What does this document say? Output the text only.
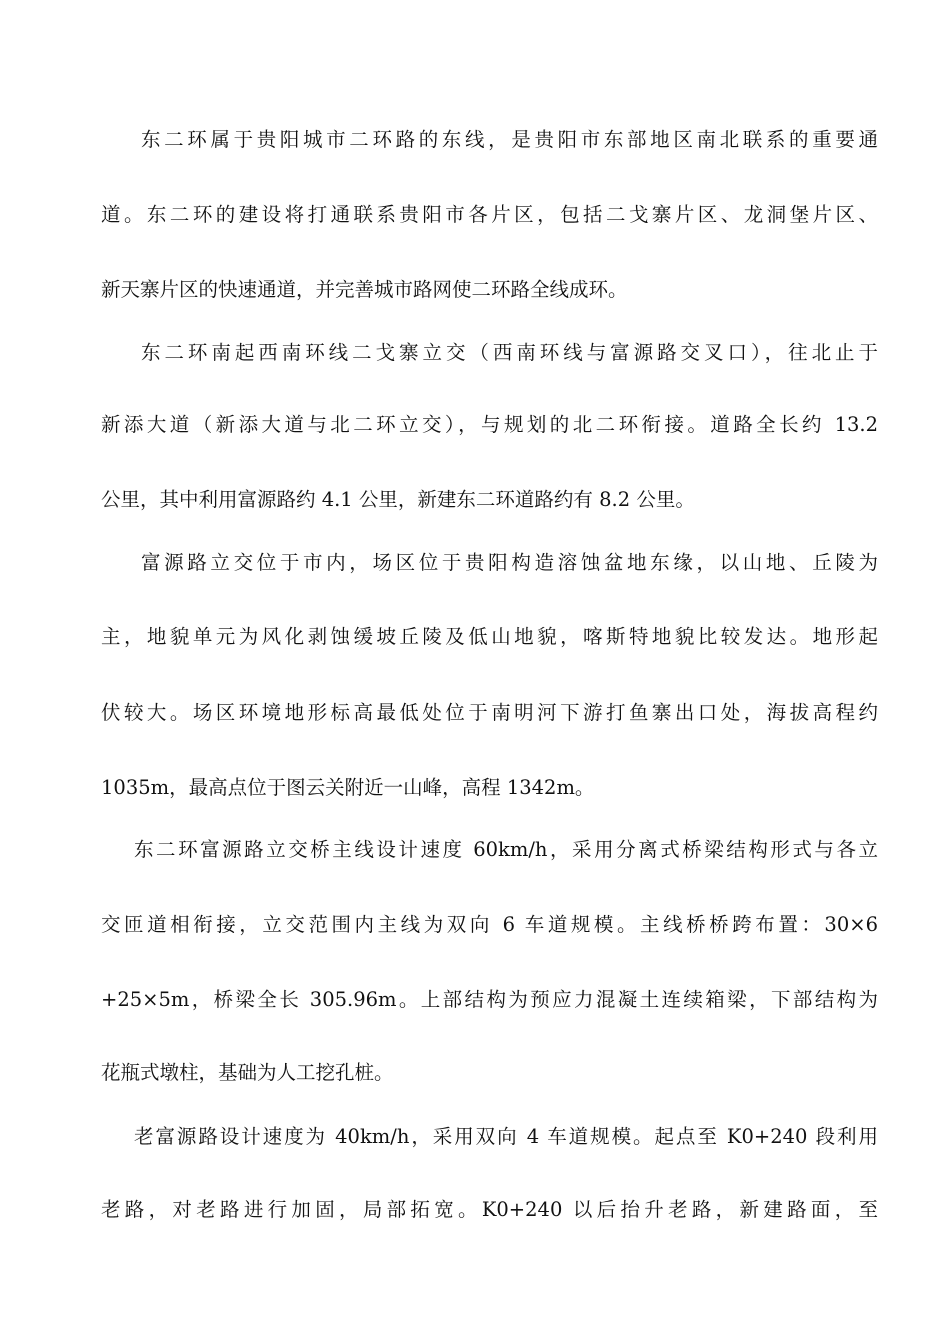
东二环属于贵阳城市二环路的东线，是贵阳市东部地区南北联系的重要通
道。东二环的建设将打通联系贵阳市各片区，包括二戈寨片区、龙洞堡片区、
新天寨片区的快速通道，并完善城市路网使二环路全线成环。
东二环南起西南环线二戈寨立交（西南环线与富源路交叉口），往北止于
新添大道（新添大道与北二环立交），与规划的北二环衔接。道路全长约 13.2
公里，其中利用富源路约 4.1 公里，新建东二环道路约有 8.2 公里。
富源路立交位于市内，场区位于贵阳构造溶蚀盆地东缘，以山地、丘陵为
主，地貌单元为风化剥蚀缓坡丘陵及低山地貌，喀斯特地貌比较发达。地形起
伏较大。场区环境地形标高最低处位于南明河下游打鱼寨出口处，海拔高程约
1035m，最高点位于图云关附近一山峰，高程 1342m。
东二环富源路立交桥主线设计速度 60km/h，采用分离式桥梁结构形式与各立
交匝道相衔接，立交范围内主线为双向 6 车道规模。主线桥桥跨布置：30×6
+25×5m，桥梁全长 305.96m。上部结构为预应力混凝土连续箱梁，下部结构为
花瓶式墩柱，基础为人工挖孔桩。
老富源路设计速度为 40km/h，采用双向 4 车道规模。起点至 K0+240 段利用
老路，对老路进行加固，局部拓宽。K0+240 以后抬升老路，新建路面，至
